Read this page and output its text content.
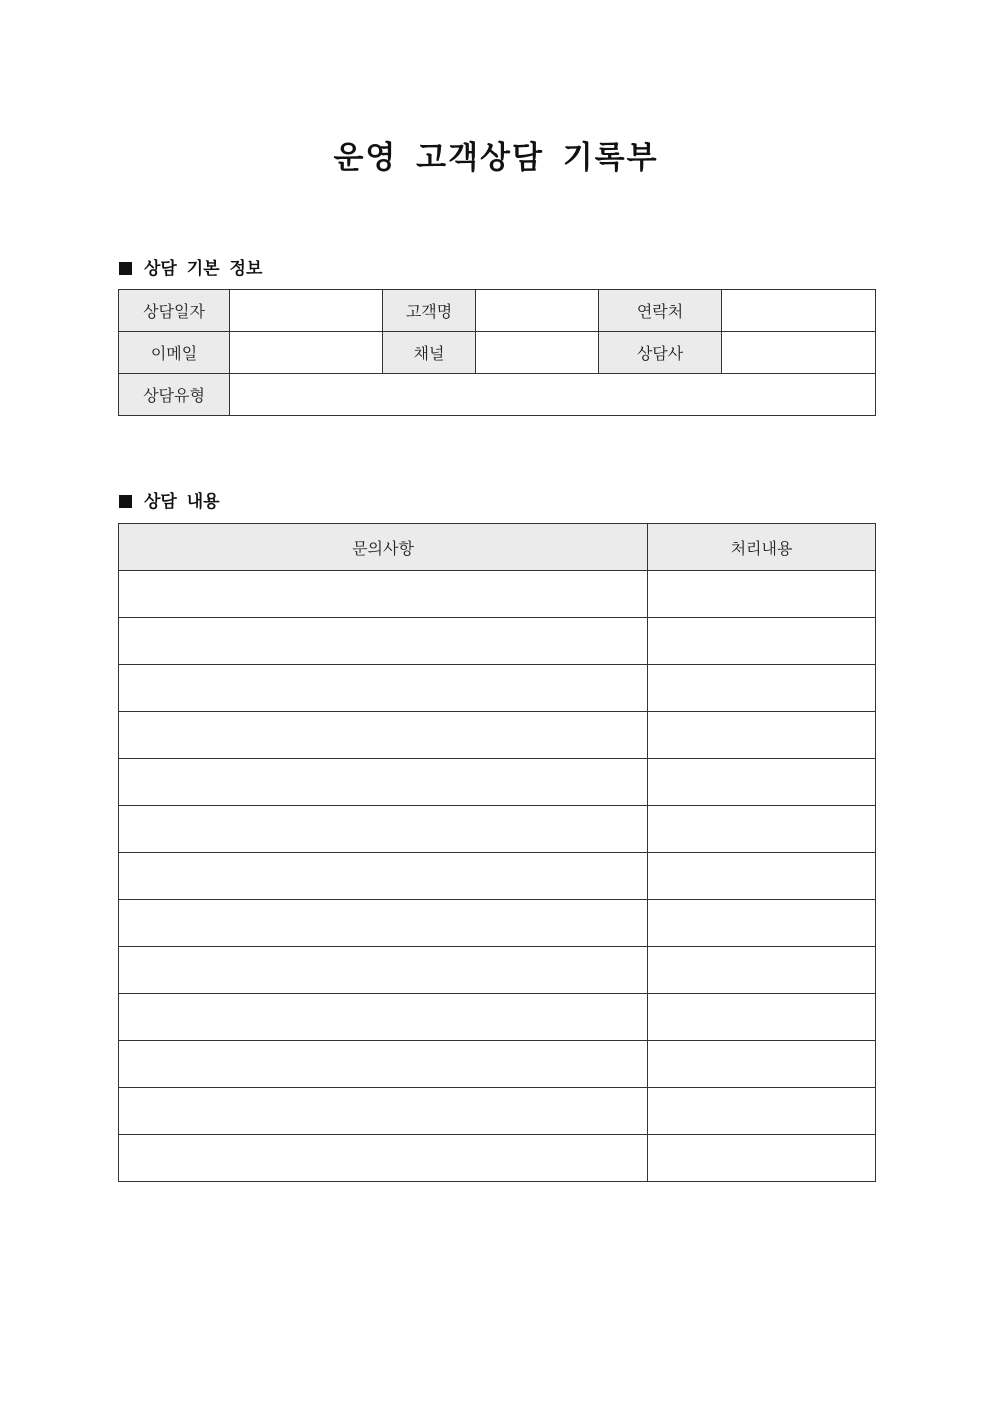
운영 고객상담 기록부
상담 기본 정보
상담일자		고객명		연락처	
이메일		채널		상담사	
상담유형					
상담 내용
문의사항	처리내용
